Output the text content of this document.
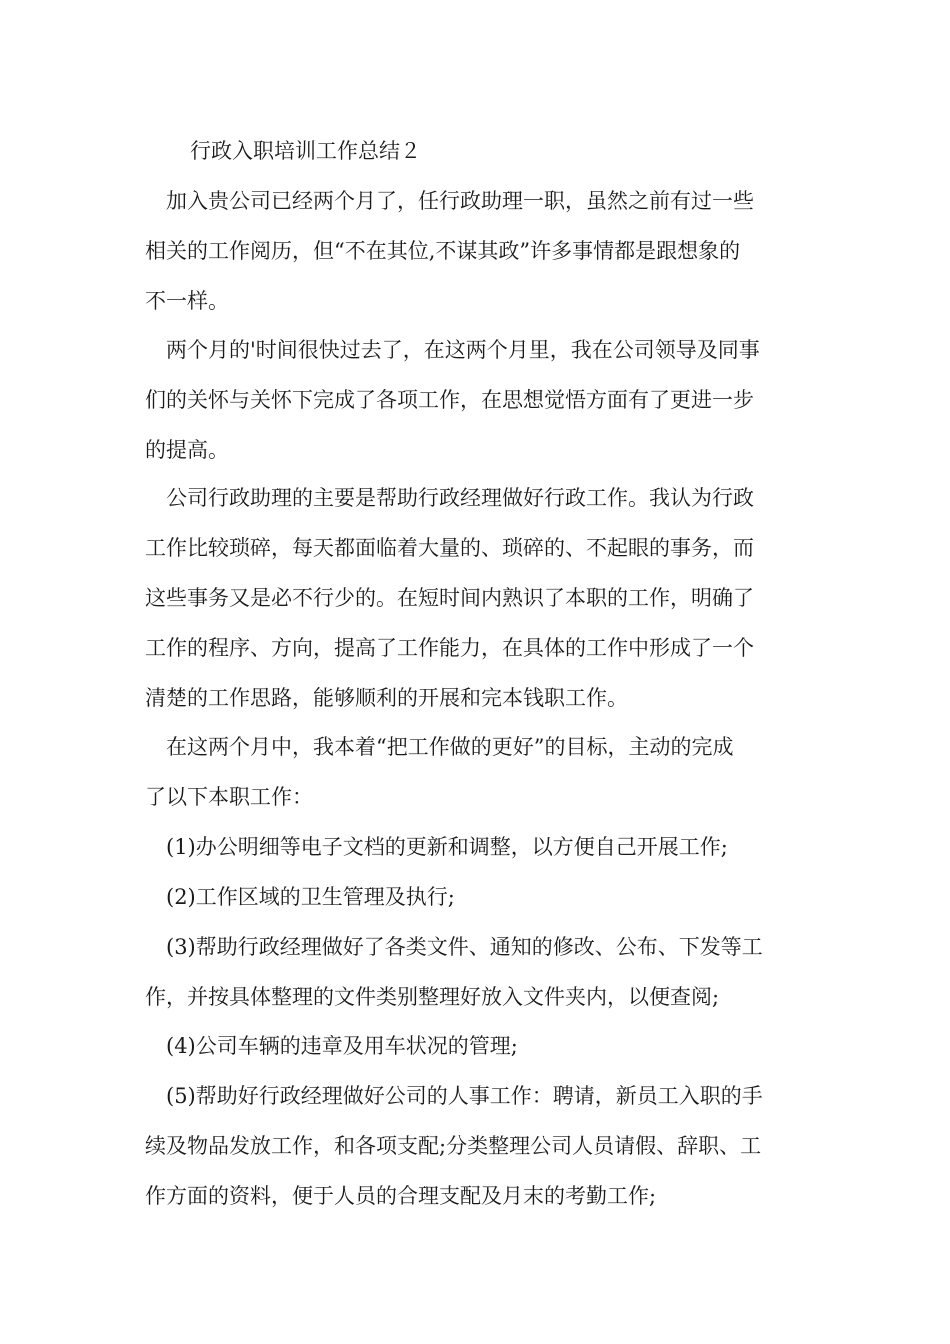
行政入职培训工作总结２
　加入贵公司已经两个月了，任行政助理一职，虽然之前有过一些
相关的工作阅历，但“不在其位,不谋其政”许多事情都是跟想象的
不一样。
　两个月的'时间很快过去了，在这两个月里，我在公司领导及同事
们的关怀与关怀下完成了各项工作，在思想觉悟方面有了更进一步
的提高。
　公司行政助理的主要是帮助行政经理做好行政工作。我认为行政
工作比较琐碎，每天都面临着大量的、琐碎的、不起眼的事务，而
这些事务又是必不行少的。在短时间内熟识了本职的工作，明确了
工作的程序、方向，提高了工作能力，在具体的工作中形成了一个
清楚的工作思路，能够顺利的开展和完本钱职工作。
　在这两个月中，我本着“把工作做的更好”的目标，主动的完成
了以下本职工作：
　(1)办公明细等电子文档的更新和调整，以方便自己开展工作;
　(2)工作区域的卫生管理及执行;
　(3)帮助行政经理做好了各类文件、通知的修改、公布、下发等工
作，并按具体整理的文件类别整理好放入文件夹内，以便查阅;
　(4)公司车辆的违章及用车状况的管理;
　(5)帮助好行政经理做好公司的人事工作：聘请，新员工入职的手
续及物品发放工作，和各项支配;分类整理公司人员请假、辞职、工
作方面的资料，便于人员的合理支配及月末的考勤工作;
